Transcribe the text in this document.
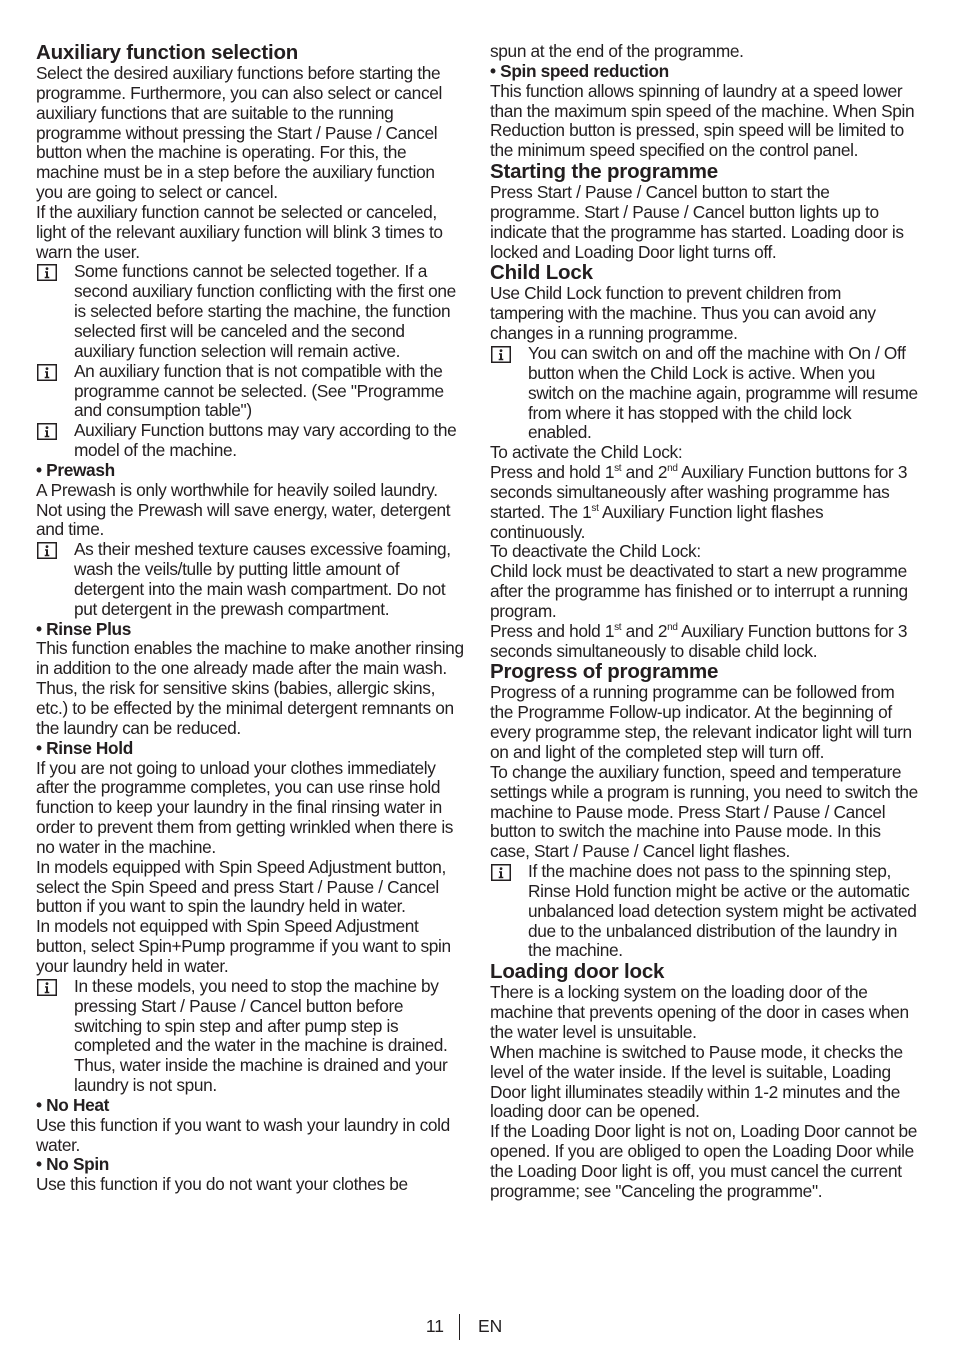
Auxiliary function selection

Select the desired auxiliary functions before starting the programme. Furthermore, you can also select or cancel auxiliary functions that are suitable to the running programme without pressing the Start / Pause / Cancel button when the machine is operating. For this, the machine must be in a step before the auxiliary function you are going to select or cancel.

If the auxiliary function cannot be selected or canceled, light of the relevant auxiliary function will blink 3 times to warn the user.

Some functions cannot be selected together. If a second auxiliary function conflicting with the first one is selected before starting the machine, the function selected first will be canceled and the second auxiliary function selection will remain active.

An auxiliary function that is not compatible with the programme cannot be selected. (See "Programme and consumption table")

Auxiliary Function buttons may vary according to the model of the machine.

• Prewash

A Prewash is only worthwhile for heavily soiled laundry. Not using the Prewash will save energy, water, detergent and time.

As their meshed texture causes excessive foaming, wash the veils/tulle by putting little amount of detergent into the main wash compartment. Do not put detergent in the prewash compartment.

• Rinse Plus

This function enables the machine to make another rinsing in addition to the one already made after the main wash. Thus, the risk for sensitive skins (babies, allergic skins, etc.) to be effected by the minimal detergent remnants on the laundry can be reduced.

• Rinse Hold

If you are not going to unload your clothes immediately after the programme completes, you can use rinse hold function to keep your laundry in the final rinsing water in order to prevent them from getting wrinkled when there is no water in the machine.

In models equipped with Spin Speed Adjustment button, select the Spin Speed and press Start / Pause / Cancel button if you want to spin the laundry held in water.

In models not equipped with Spin Speed Adjustment button, select Spin+Pump programme if you want to spin your laundry held in water.

In these models, you need to stop the machine by pressing Start / Pause / Cancel button before switching to spin step and after pump step is completed and the water in the machine is drained. Thus, water inside the machine is drained and your laundry is not spun.

• No Heat

Use this function if you want to wash your laundry in cold water.

• No Spin

Use this function if you do not want your clothes be

spun at the end of the programme.

• Spin speed reduction

This function allows spinning of laundry at a speed lower than the maximum spin speed of the machine. When Spin Reduction button is pressed, spin speed will be limited to the minimum speed specified on the control panel.

Starting the programme

Press Start / Pause / Cancel button to start the programme. Start / Pause / Cancel button lights up to indicate that the programme has started. Loading door is locked and Loading Door light turns off.

Child Lock

Use Child Lock function to prevent children from tampering with the machine. Thus you can avoid any changes in a running programme.

You can switch on and off the machine with On / Off button when the Child Lock is active. When you switch on the machine again, programme will resume from where it has stopped with the child lock enabled.

To activate the Child Lock:

Press and hold 1st and 2nd Auxiliary Function buttons for 3 seconds simultaneously after washing programme has started. The 1st Auxiliary Function light flashes continuously.

To deactivate the Child Lock:

Child lock must be deactivated to start a new programme after the programme has finished or to interrupt a running program.

Press and hold 1st and 2nd Auxiliary Function buttons for 3 seconds simultaneously to disable child lock.

Progress of programme

Progress of a running programme can be followed from the Programme Follow-up indicator. At the beginning of every programme step, the relevant indicator light will turn on and light of the completed step will turn off.

To change the auxiliary function, speed and temperature settings while a program is running, you need to switch the machine to Pause mode. Press Start / Pause / Cancel button to switch the machine into Pause mode. In this case, Start / Pause / Cancel light flashes.

If the machine does not pass to the spinning step, Rinse Hold function might be active or the automatic unbalanced load detection system might be activated due to the unbalanced distribution of the laundry in the machine.

Loading door lock

There is a locking system on the loading door of the machine that prevents opening of the door in cases when the water level is unsuitable.

When machine is switched to Pause mode, it checks the level of the water inside. If the level is suitable, Loading Door light illuminates steadily within 1-2 minutes and the loading door can be opened.

If the Loading Door light is not on, Loading Door cannot be opened. If you are obliged to open the Loading Door while the Loading Door light is off, you must cancel the current programme; see "Canceling the programme".

11 EN
